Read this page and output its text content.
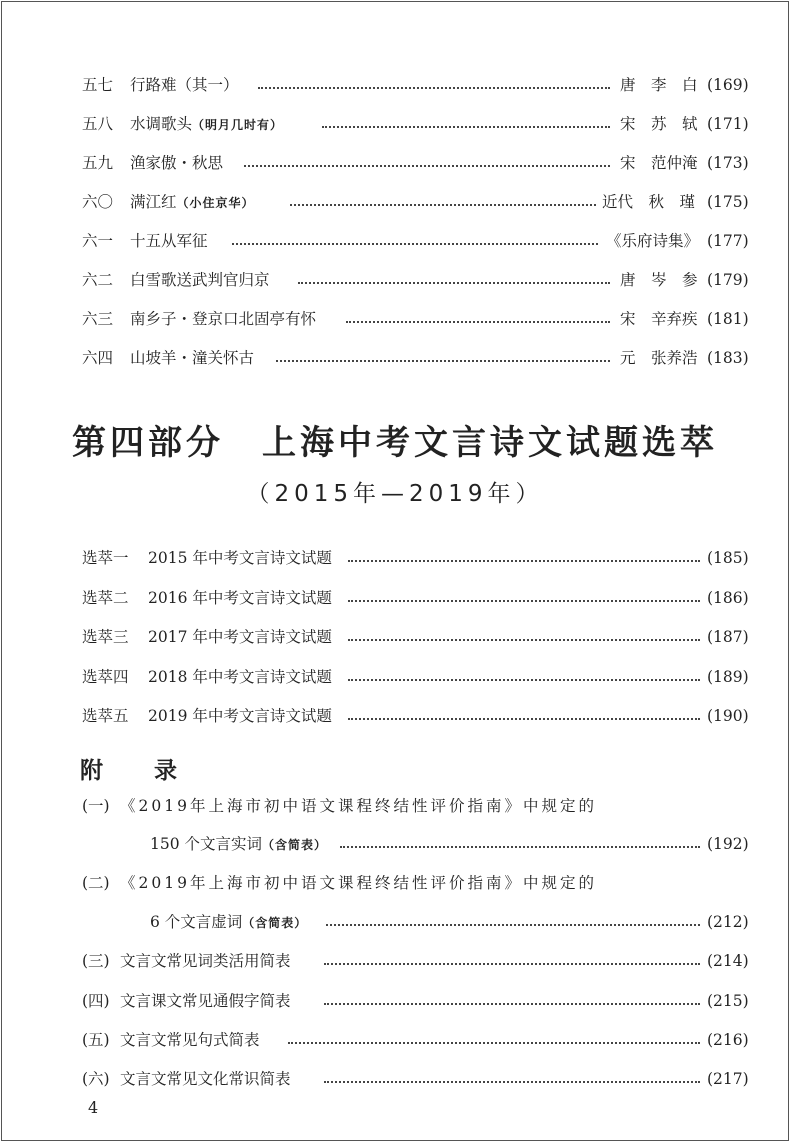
五七 行路难（其一）	唐　李　白 (169)
五八 水调歌头（明月几时有）	宋　苏　轼 (171)
五九 渔家傲・秋思	宋　范仲淹 (173)
六〇 满江红（小住京华）	近代　秋　瑾 (175)
六一 十五从军征	《乐府诗集》 (177)
六二 白雪歌送武判官归京	唐　岑　参 (179)
六三 南乡子・登京口北固亭有怀	宋　辛弃疾 (181)
六四 山坡羊・潼关怀古	元　张养浩 (183)
第四部分　上海中考文言诗文试题选萃
（2015年—2019年）
选萃一 2015 年中考文言诗文试题	(185)
选萃二 2016 年中考文言诗文试题	(186)
选萃三 2017 年中考文言诗文试题	(187)
选萃四 2018 年中考文言诗文试题	(189)
选萃五 2019 年中考文言诗文试题	(190)
附　录
(一) 《2019年上海市初中语文课程终结性评价指南》中规定的
150 个文言实词（含简表）	(192)
(二) 《2019年上海市初中语文课程终结性评价指南》中规定的
6 个文言虚词（含简表）	(212)
(三) 文言文常见词类活用简表	(214)
(四) 文言课文常见通假字简表	(215)
(五) 文言文常见句式简表	(216)
(六) 文言文常见文化常识简表	(217)
4
